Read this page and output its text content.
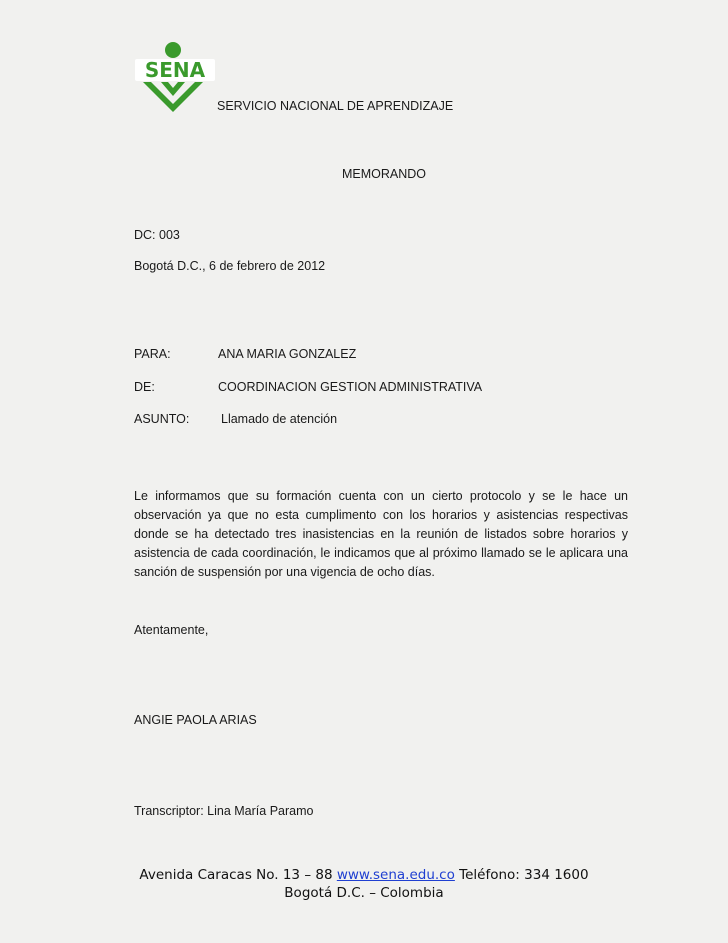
SENA
SERVICIO NACIONAL DE APRENDIZAJE
MEMORANDO
DC: 003
Bogotá D.C., 6 de febrero de 2012
PARA:	ANA MARIA GONZALEZ
DE:	COORDINACION GESTION ADMINISTRATIVA
ASUNTO:	Llamado de atención
Le informamos que su formación cuenta con un cierto protocolo y se le hace un observación ya que no esta cumplimento con los horarios y asistencias respectivas donde se ha detectado tres inasistencias en la reunión de listados sobre horarios y asistencia de cada coordinación, le indicamos que al próximo llamado se le aplicara una sanción de suspensión por una vigencia de ocho días.
Atentamente,
ANGIE PAOLA ARIAS
Transcriptor: Lina María Paramo
Avenida Caracas No. 13 – 88 www.sena.edu.co Teléfono: 334 1600
Bogotá D.C. – Colombia
